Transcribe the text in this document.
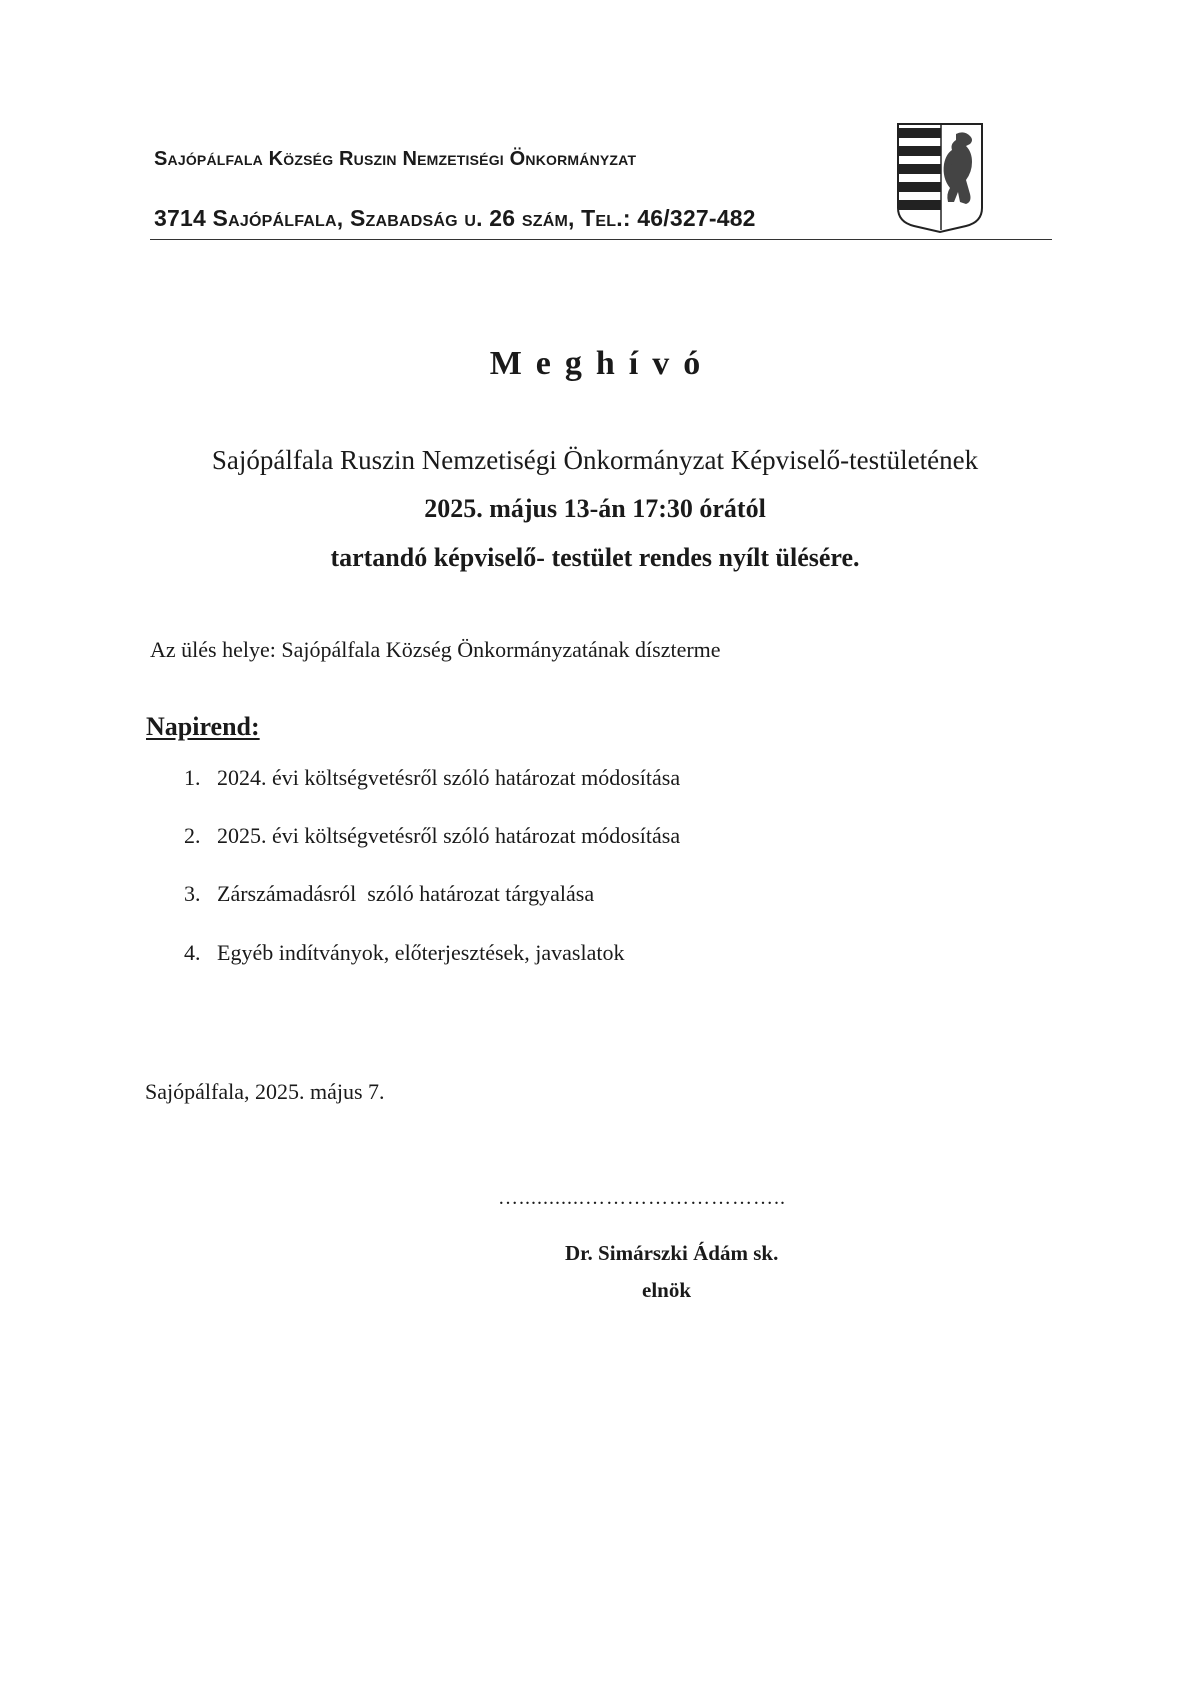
Sajópálfala Község Ruszin Nemzetiségi Önkormányzat
3714 Sajópálfala, Szabadság u. 26 szám, Tel.: 46/327-482
Meghívó
Sajópálfala Ruszin Nemzetiségi Önkormányzat Képviselő-testületének
2025. május 13-án 17:30 órától
tartandó képviselő- testület rendes nyílt ülésére.
Az ülés helye: Sajópálfala Község Önkormányzatának díszterme
Napirend:
1. 2024. évi költségvetésről szóló határozat módosítása
2. 2025. évi költségvetésről szóló határozat módosítása
3. Zárszámadásról  szóló határozat tárgyalása
4. Egyéb indítványok, előterjesztések, javaslatok
Sajópálfala, 2025. május 7.
…...........………………………..
Dr. Simárszki Ádám sk.
elnök
